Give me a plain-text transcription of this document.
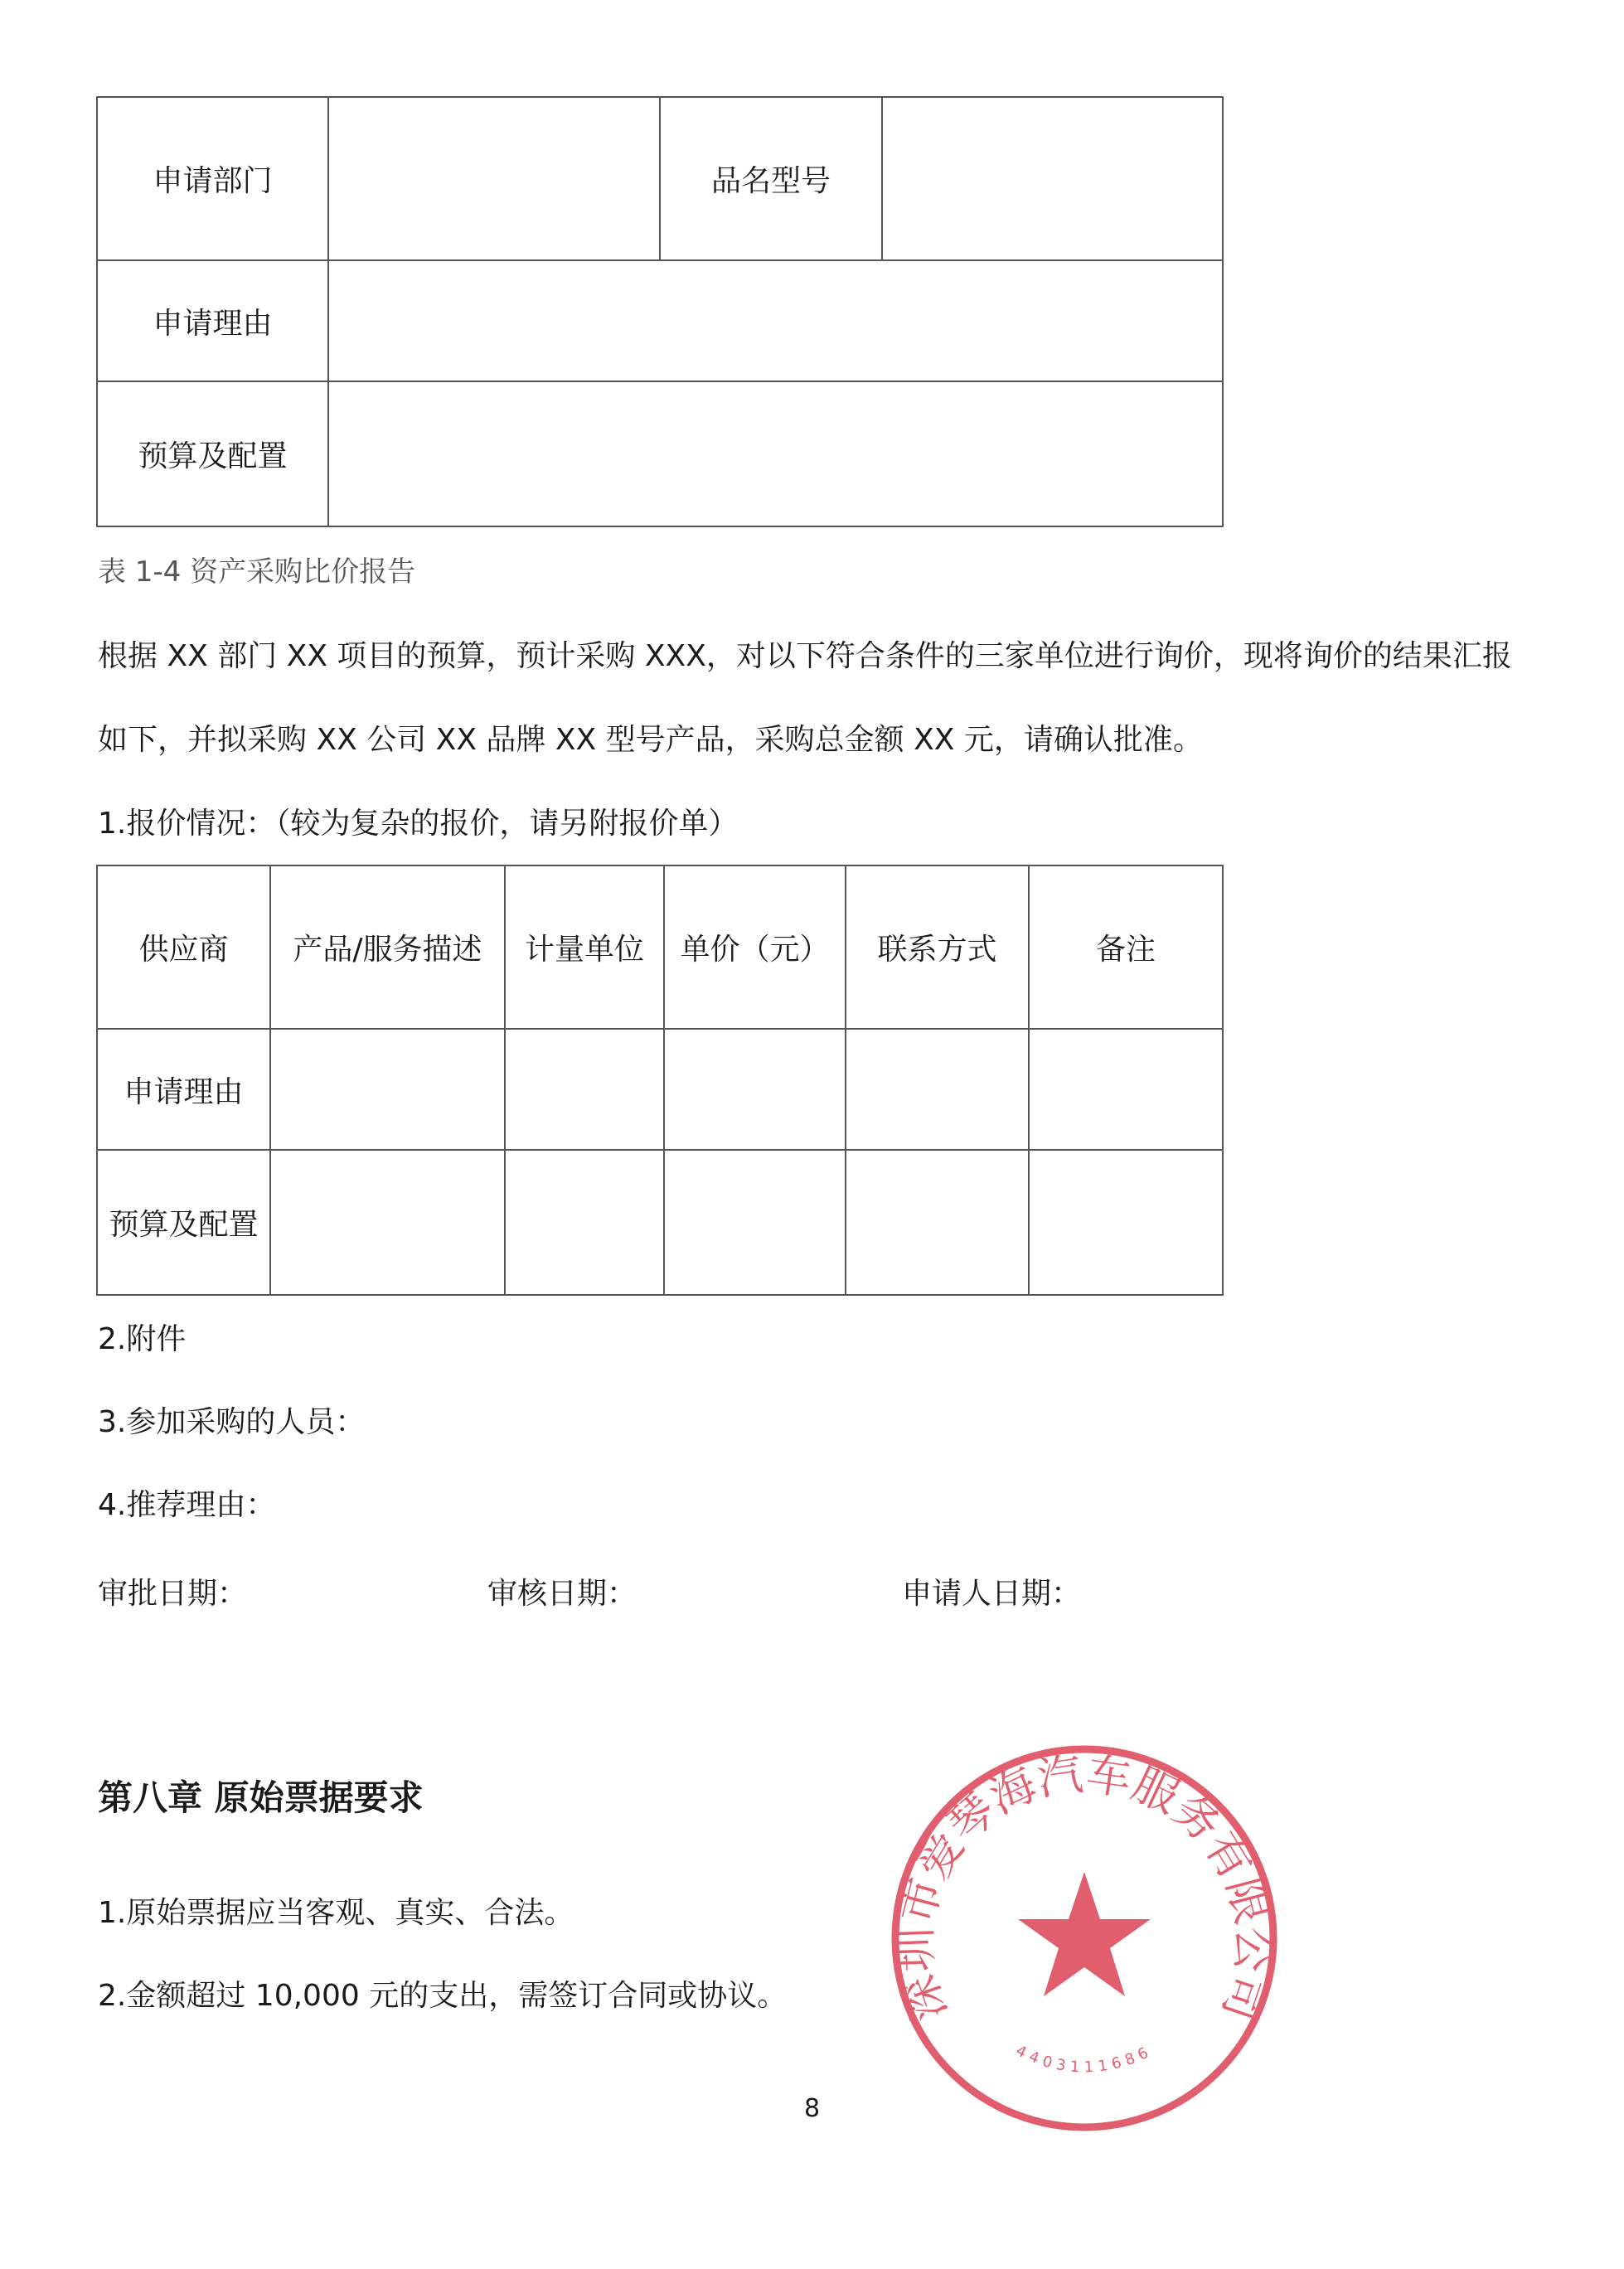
申请部门		品名型号	
申请理由			
预算及配置			
表 1-4 资产采购比价报告
根据 XX 部门 XX 项目的预算，预计采购 XXX，对以下符合条件的三家单位进行询价，现将询价的结果汇报
如下，并拟采购 XX 公司 XX 品牌 XX 型号产品，采购总金额 XX 元，请确认批准。
1.报价情况：（较为复杂的报价，请另附报价单）
供应商	产品/服务描述	计量单位	单价（元）	联系方式	备注
申请理由					
预算及配置					
2.附件
3.参加采购的人员：
4.推荐理由：
审批日期：	审核日期：	申请人日期：
第八章 原始票据要求
1.原始票据应当客观、真实、合法。
2.金额超过 10,000 元的支出，需签订合同或协议。 深圳市爱琴海汽车服务有限公司
4403111686
8
